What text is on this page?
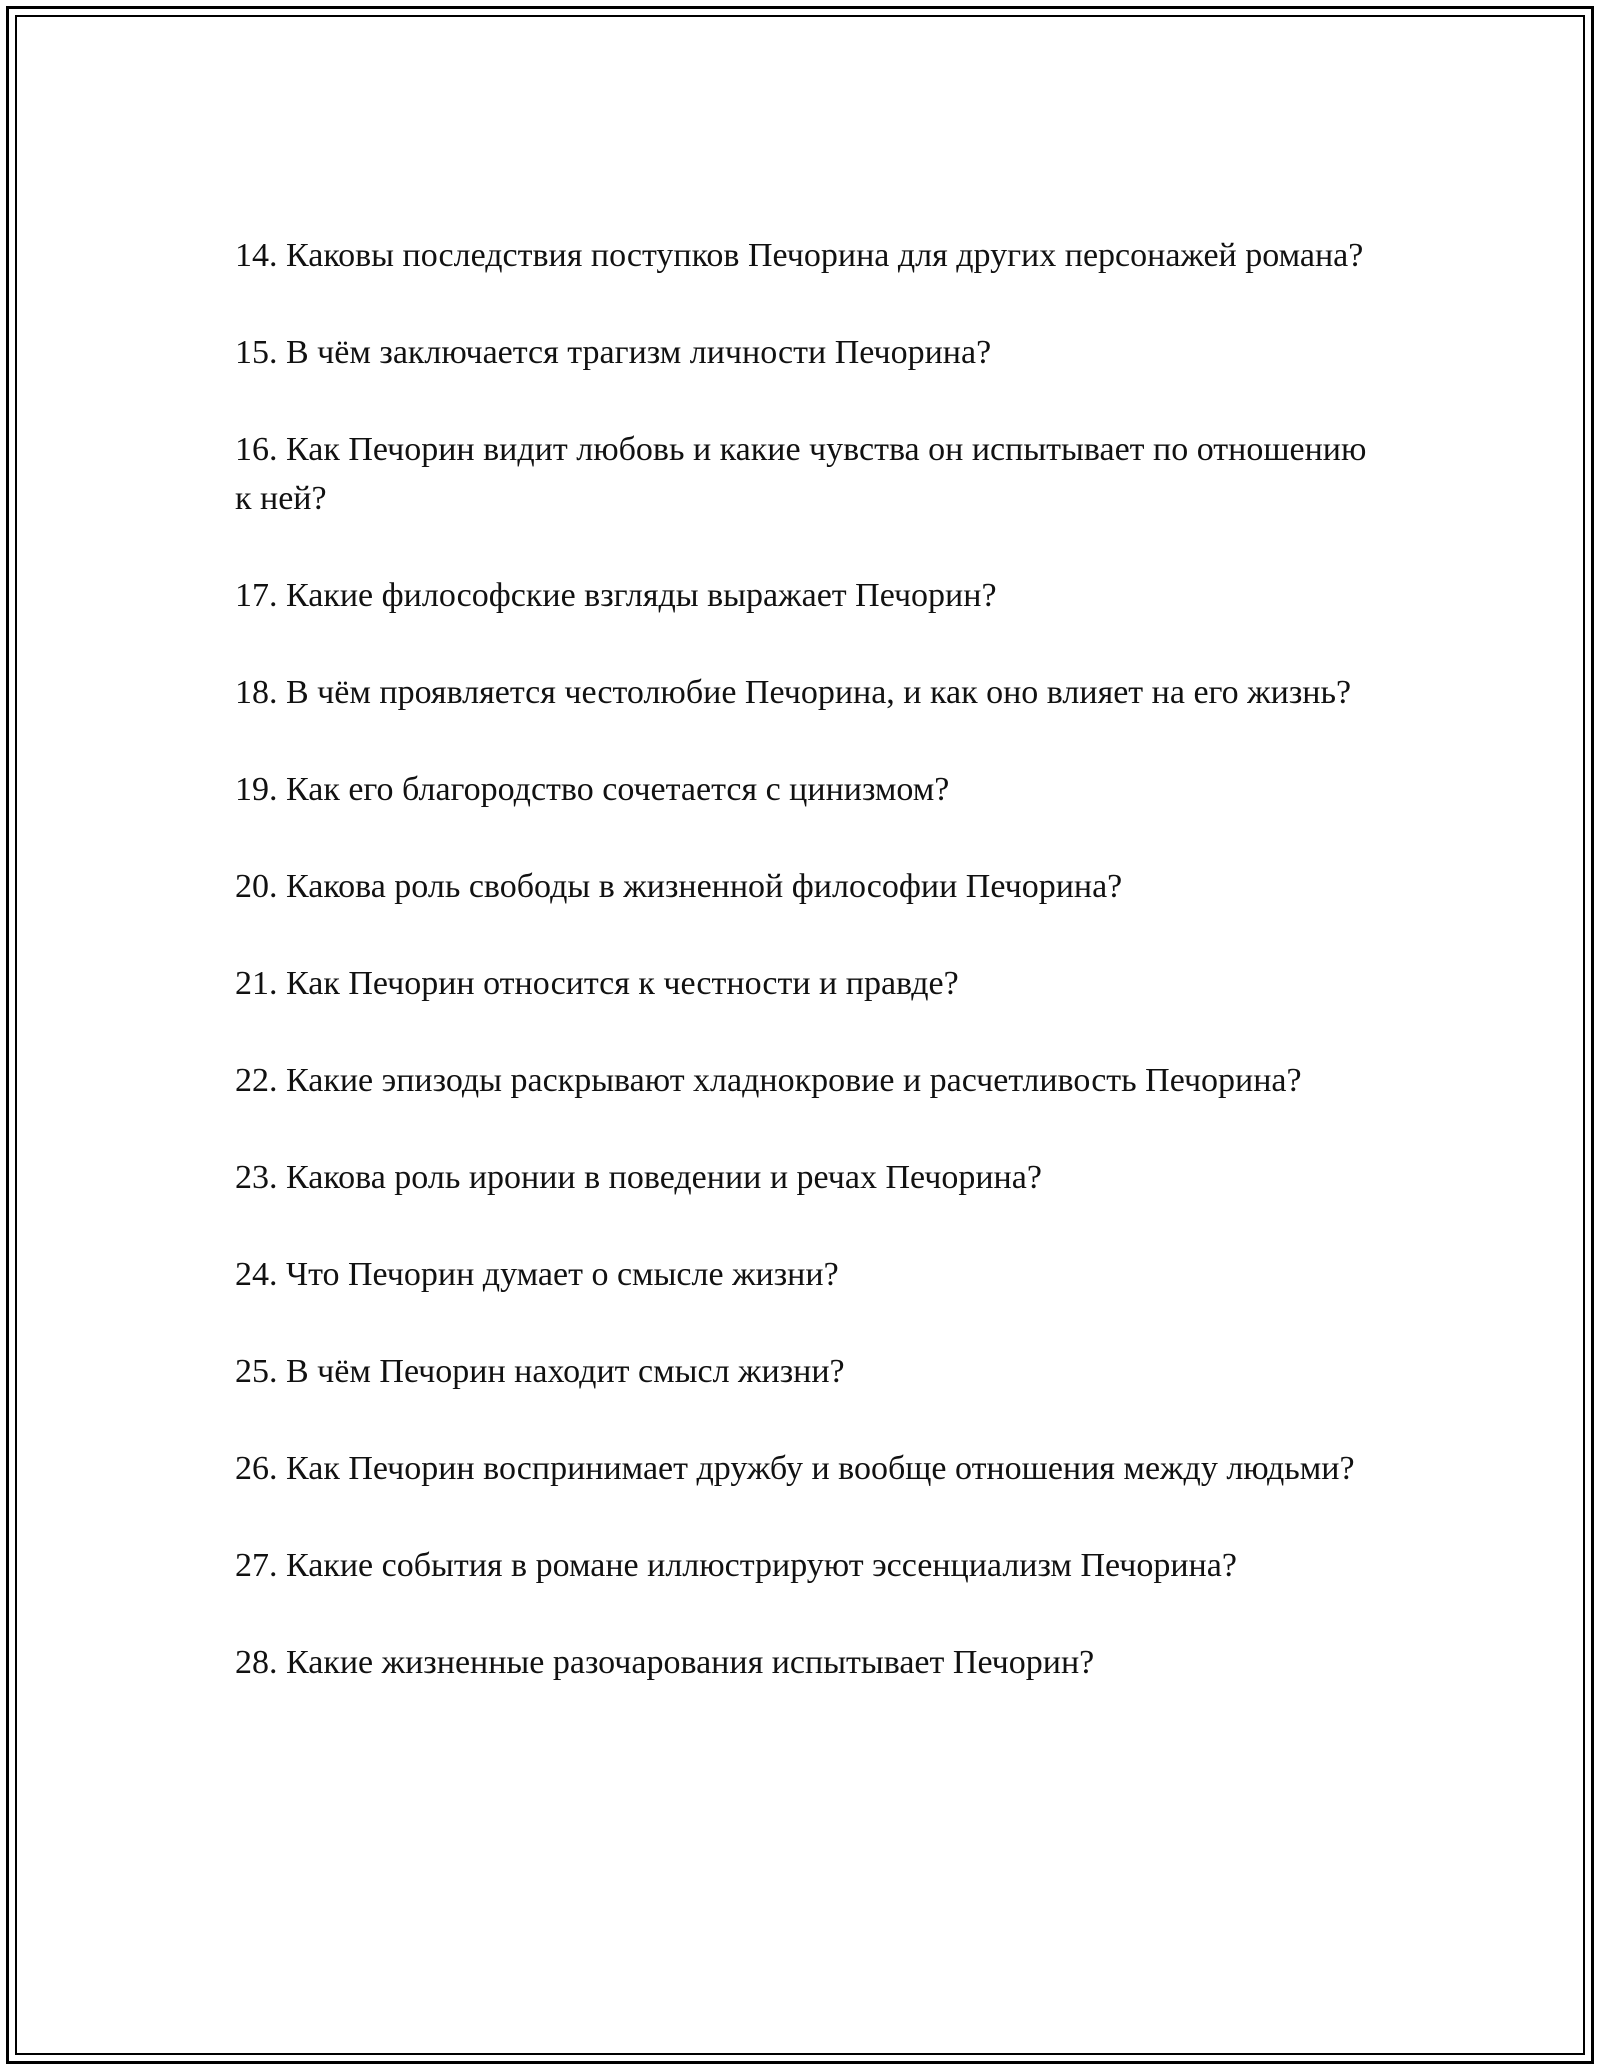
14. Каковы последствия поступков Печорина для других персонажей романа?
15. В чём заключается трагизм личности Печорина?
16. Как Печорин видит любовь и какие чувства он испытывает по отношению к ней?
17. Какие философские взгляды выражает Печорин?
18. В чём проявляется честолюбие Печорина, и как оно влияет на его жизнь?
19. Как его благородство сочетается с цинизмом?
20. Какова роль свободы в жизненной философии Печорина?
21. Как Печорин относится к честности и правде?
22. Какие эпизоды раскрывают хладнокровие и расчетливость Печорина?
23. Какова роль иронии в поведении и речах Печорина?
24. Что Печорин думает о смысле жизни?
25. В чём Печорин находит смысл жизни?
26. Как Печорин воспринимает дружбу и вообще отношения между людьми?
27. Какие события в романе иллюстрируют эссенциализм Печорина?
28. Какие жизненные разочарования испытывает Печорин?
